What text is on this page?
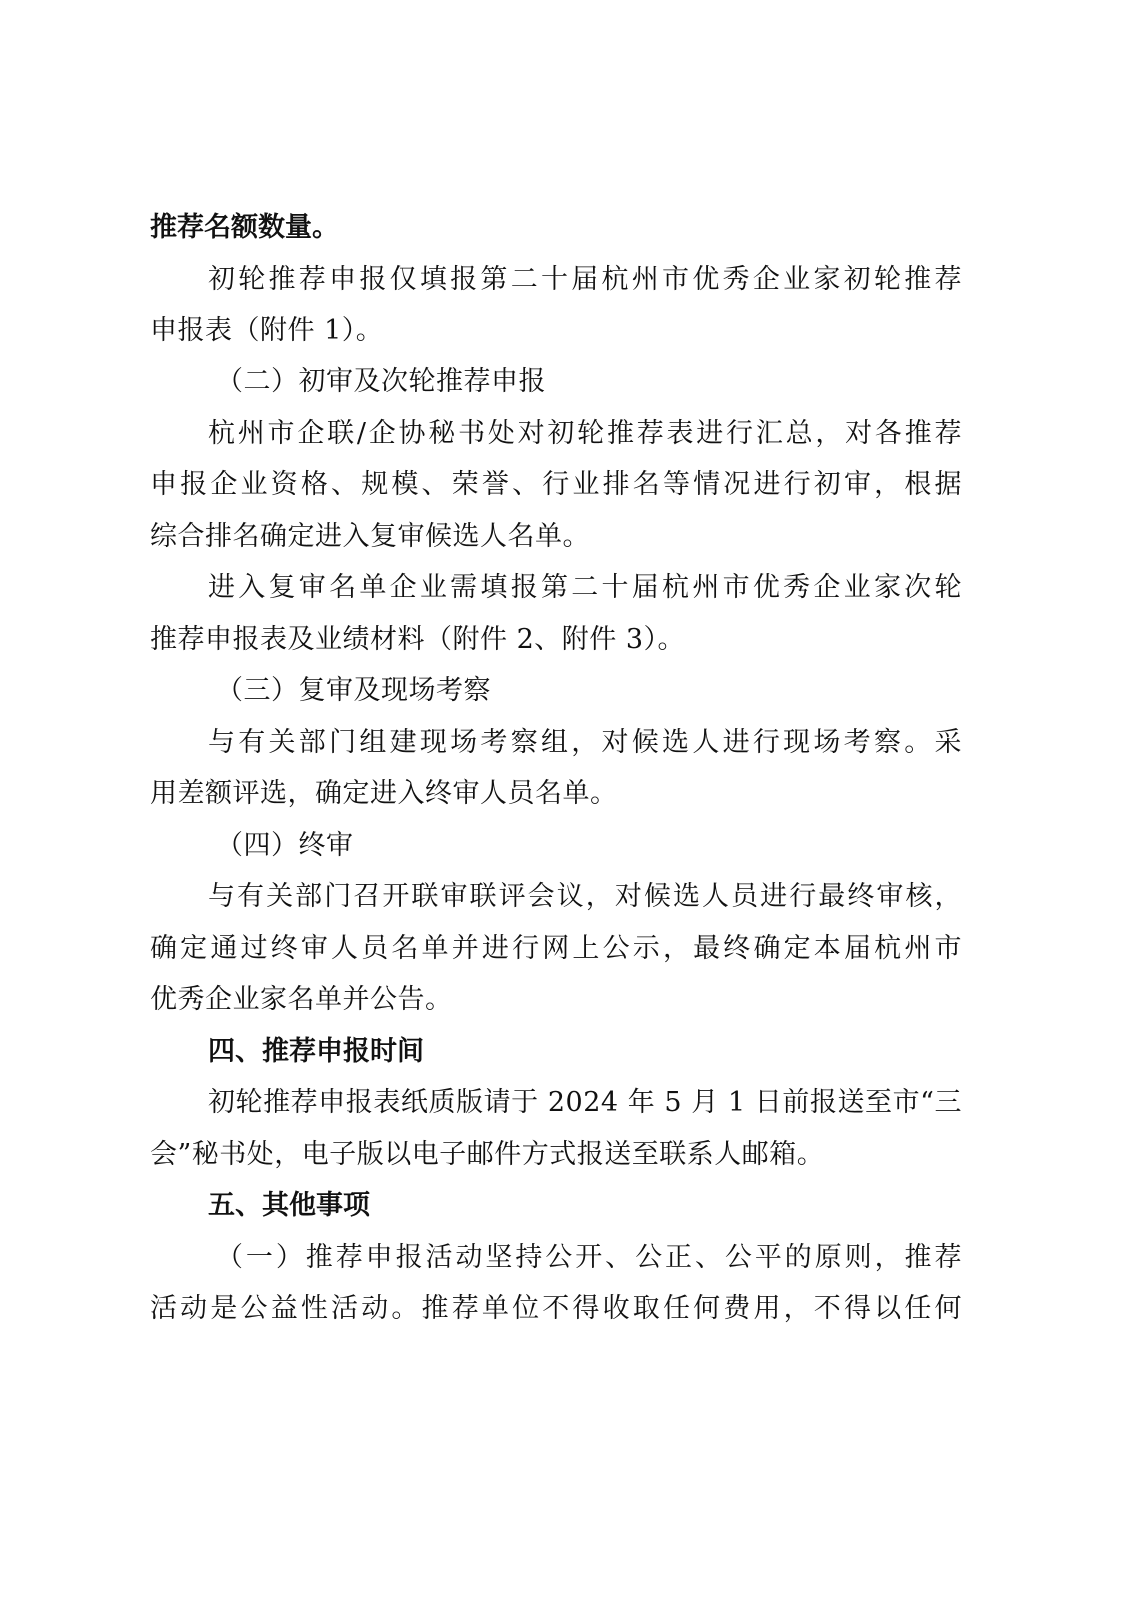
推荐名额数量。
初轮推荐申报仅填报第二十届杭州市优秀企业家初轮推荐
申报表（附件 1）。
（二）初审及次轮推荐申报
杭州市企联/企协秘书处对初轮推荐表进行汇总，对各推荐
申报企业资格、规模、荣誉、行业排名等情况进行初审，根据
综合排名确定进入复审候选人名单。
进入复审名单企业需填报第二十届杭州市优秀企业家次轮
推荐申报表及业绩材料（附件 2、附件 3）。
（三）复审及现场考察
与有关部门组建现场考察组，对候选人进行现场考察。采
用差额评选，确定进入终审人员名单。
（四）终审
与有关部门召开联审联评会议，对候选人员进行最终审核，
确定通过终审人员名单并进行网上公示，最终确定本届杭州市
优秀企业家名单并公告。
四、推荐申报时间
初轮推荐申报表纸质版请于 2024 年 5 月 1 日前报送至市“三
会”秘书处，电子版以电子邮件方式报送至联系人邮箱。
五、其他事项
（一）推荐申报活动坚持公开、公正、公平的原则，推荐
活动是公益性活动。推荐单位不得收取任何费用，不得以任何
